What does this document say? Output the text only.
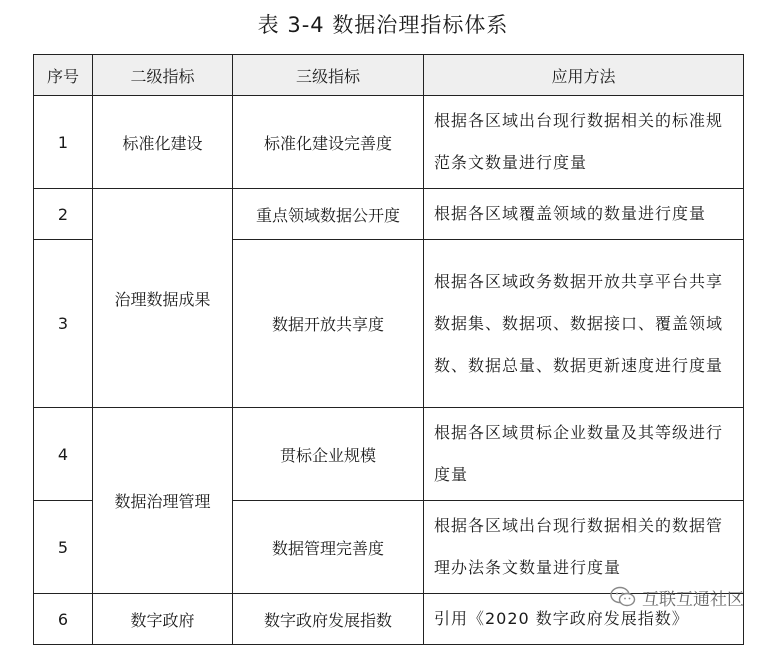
表 3-4 数据治理指标体系
序号	二级指标	三级指标	应用方法
1	标准化建设	标准化建设完善度	根据各区域出台现行数据相关的标准规范条文数量进行度量
2	治理数据成果	重点领域数据公开度	根据各区域覆盖领域的数量进行度量
3		数据开放共享度	根据各区域政务数据开放共享平台共享数据集、数据项、数据接口、覆盖领域数、数据总量、数据更新速度进行度量
4	数据治理管理	贯标企业规模	根据各区域贯标企业数量及其等级进行度量
5		数据管理完善度	根据各区域出台现行数据相关的数据管理办法条文数量进行度量
6	数字政府	数字政府发展指数	引用《2020 数字政府发展指数》
互联互通社区
